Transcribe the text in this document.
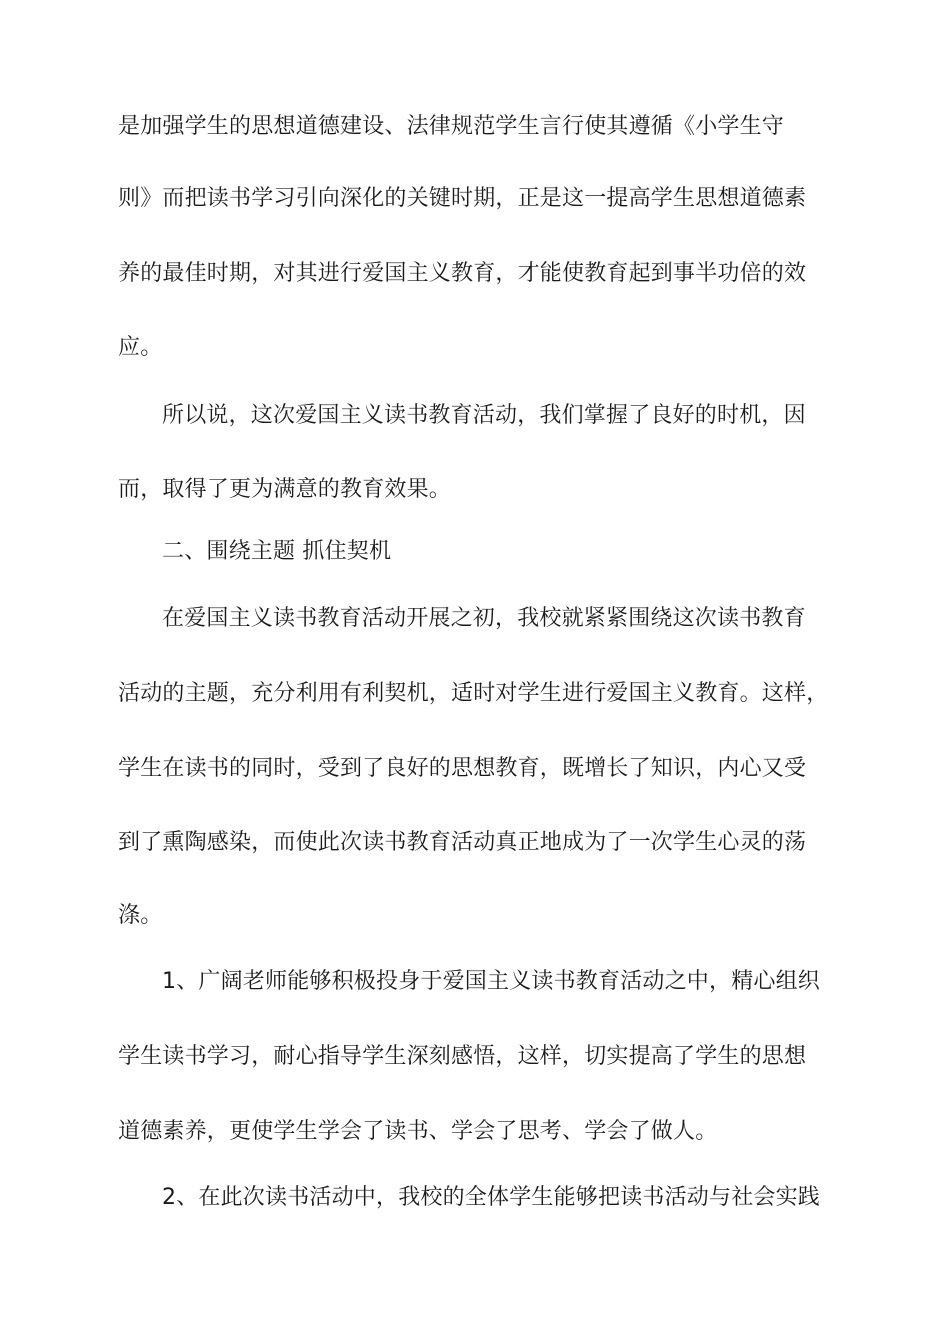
是加强学生的思想道德建设、法律规范学生言行使其遵循《小学生守
则》而把读书学习引向深化的关键时期，正是这一提高学生思想道德素
养的最佳时期，对其进行爱国主义教育，才能使教育起到事半功倍的效
应。
所以说，这次爱国主义读书教育活动，我们掌握了良好的时机，因
而，取得了更为满意的教育效果。
二、围绕主题 抓住契机
在爱国主义读书教育活动开展之初，我校就紧紧围绕这次读书教育
活动的主题，充分利用有利契机，适时对学生进行爱国主义教育。这样，
学生在读书的同时，受到了良好的思想教育，既增长了知识，内心又受
到了熏陶感染，而使此次读书教育活动真正地成为了一次学生心灵的荡
涤。
1、广阔老师能够积极投身于爱国主义读书教育活动之中，精心组织
学生读书学习，耐心指导学生深刻感悟，这样，切实提高了学生的思想
道德素养，更使学生学会了读书、学会了思考、学会了做人。
2、在此次读书活动中，我校的全体学生能够把读书活动与社会实践
